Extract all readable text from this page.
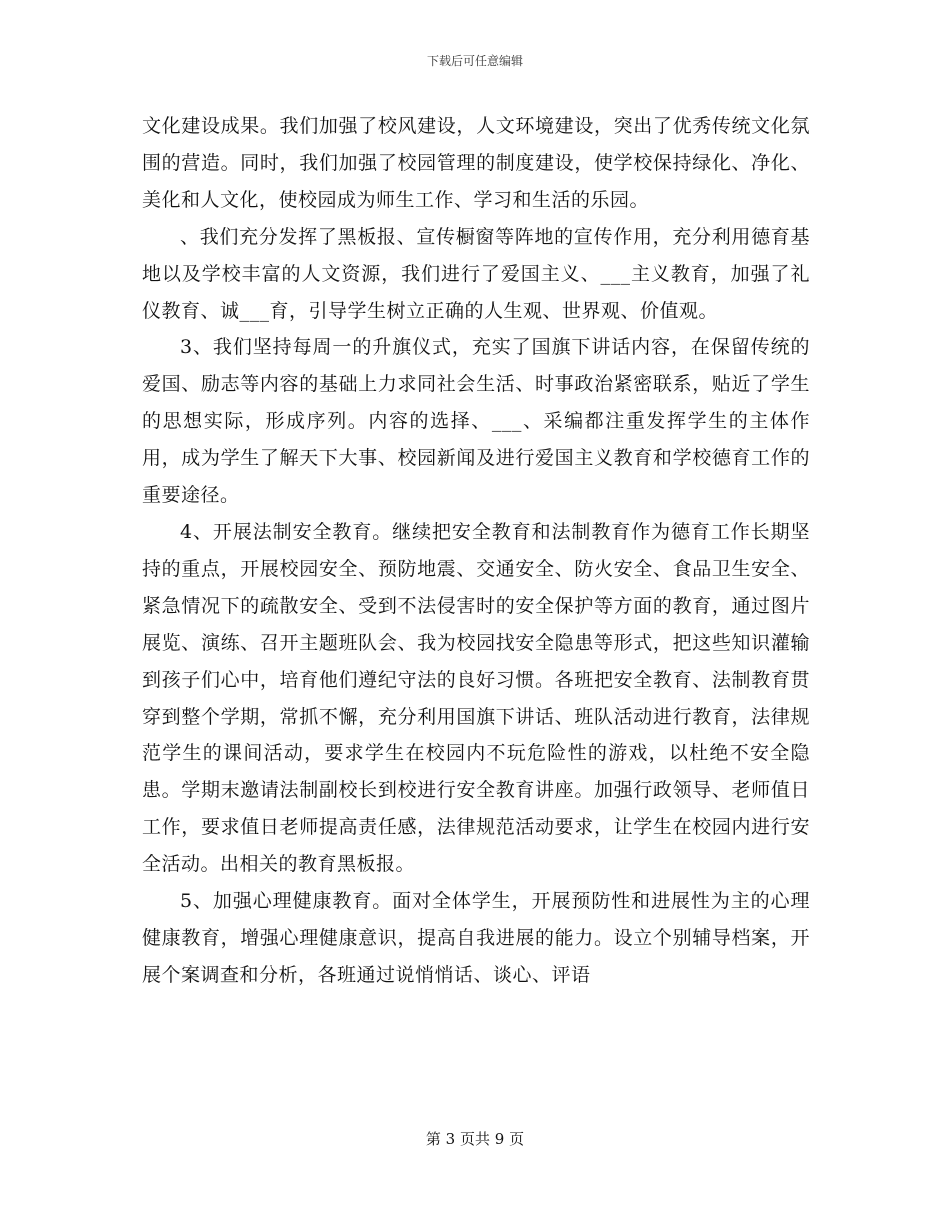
下载后可任意编辑

文化建设成果。我们加强了校风建设，人文环境建设，突出了优秀传统文化氛围的营造。同时，我们加强了校园管理的制度建设，使学校保持绿化、净化、美化和人文化，使校园成为师生工作、学习和生活的乐园。

、我们充分发挥了黑板报、宣传橱窗等阵地的宣传作用，充分利用德育基地以及学校丰富的人文资源，我们进行了爱国主义、___主义教育，加强了礼仪教育、诚___育，引导学生树立正确的人生观、世界观、价值观。

3、我们坚持每周一的升旗仪式，充实了国旗下讲话内容，在保留传统的爱国、励志等内容的基础上力求同社会生活、时事政治紧密联系，贴近了学生的思想实际，形成序列。内容的选择、___、采编都注重发挥学生的主体作用，成为学生了解天下大事、校园新闻及进行爱国主义教育和学校德育工作的重要途径。

4、开展法制安全教育。继续把安全教育和法制教育作为德育工作长期坚持的重点，开展校园安全、预防地震、交通安全、防火安全、食品卫生安全、紧急情况下的疏散安全、受到不法侵害时的安全保护等方面的教育，通过图片展览、演练、召开主题班队会、我为校园找安全隐患等形式，把这些知识灌输到孩子们心中，培育他们遵纪守法的良好习惯。各班把安全教育、法制教育贯穿到整个学期，常抓不懈，充分利用国旗下讲话、班队活动进行教育，法律规范学生的课间活动，要求学生在校园内不玩危险性的游戏，以杜绝不安全隐患。学期末邀请法制副校长到校进行安全教育讲座。加强行政领导、老师值日工作，要求值日老师提高责任感，法律规范活动要求，让学生在校园内进行安全活动。出相关的教育黑板报。

5、加强心理健康教育。面对全体学生，开展预防性和进展性为主的心理健康教育，增强心理健康意识，提高自我进展的能力。设立个别辅导档案，开展个案调查和分析，各班通过说悄悄话、谈心、评语

第 3 页共 9 页
